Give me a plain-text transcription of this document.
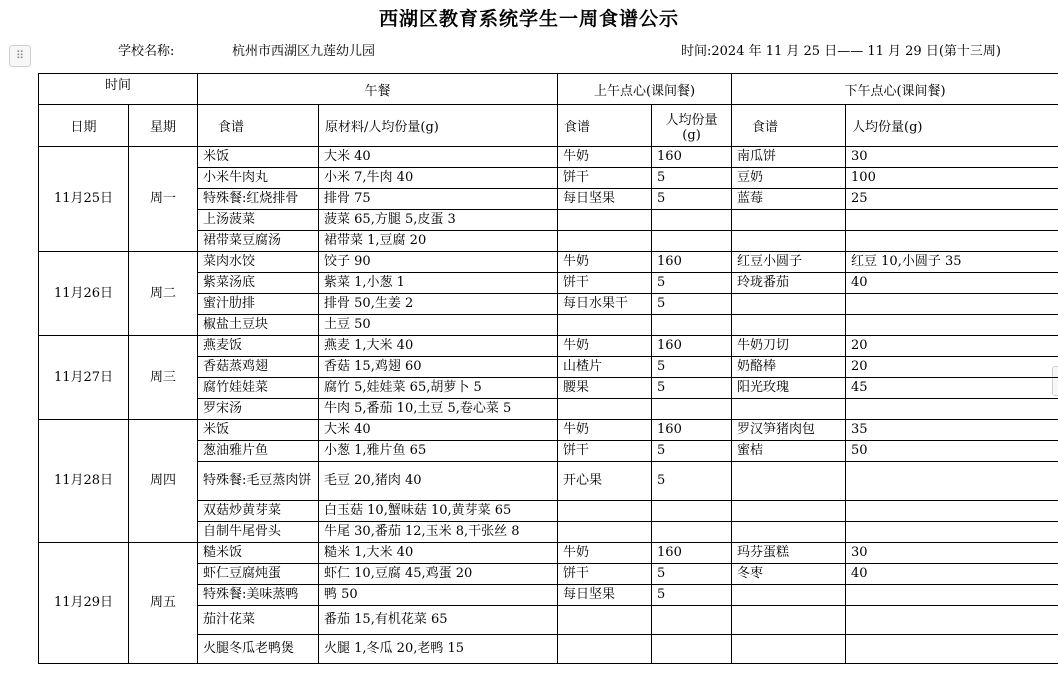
西湖区教育系统学生一周食谱公示
⠿	学校名称:	杭州市西湖区九莲幼儿园	时间:2024 年 11 月 25 日—— 11 月 29 日(第十三周)
时间		午餐		上午点心(课间餐)		下午点心(课间餐)	
日期	星期	食谱	原材料/人均份量(g)	食谱	人均份量(g)	食谱	人均份量(g)
11月25日	周一	米饭	大米 40	牛奶	160	南瓜饼	30
		小米牛肉丸	小米 7,牛肉 40	饼干	5	豆奶	100
		特殊餐:红烧排骨	排骨 75	每日坚果	5	蓝莓	25
		上汤菠菜	菠菜 65,方腿 5,皮蛋 3				
		裙带菜豆腐汤	裙带菜 1,豆腐 20				
11月26日	周二	菜肉水饺	饺子 90	牛奶	160	红豆小圆子	红豆 10,小圆子 35
		紫菜汤底	紫菜 1,小葱 1	饼干	5	玲珑番茄	40
		蜜汁肋排	排骨 50,生姜 2	每日水果干	5		
		椒盐土豆块	土豆 50				
11月27日	周三	燕麦饭	燕麦 1,大米 40	牛奶	160	牛奶刀切	20
		香菇蒸鸡翅	香菇 15,鸡翅 60	山楂片	5	奶酪棒	20
		腐竹娃娃菜	腐竹 5,娃娃菜 65,胡萝卜 5	腰果	5	阳光玫瑰	45
		罗宋汤	牛肉 5,番茄 10,土豆 5,卷心菜 5				
11月28日	周四	米饭	大米 40	牛奶	160	罗汉笋猪肉包	35
		葱油雅片鱼	小葱 1,雅片鱼 65	饼干	5	蜜桔	50
		特殊餐:毛豆蒸肉饼	毛豆 20,猪肉 40	开心果	5		
		双菇炒黄芽菜	白玉菇 10,蟹味菇 10,黄芽菜 65				
		自制牛尾骨头	牛尾 30,番茄 12,玉米 8,干张丝 8				
11月29日	周五	糙米饭	糙米 1,大米 40	牛奶	160	玛芬蛋糕	30
		虾仁豆腐炖蛋	虾仁 10,豆腐 45,鸡蛋 20	饼干	5	冬枣	40
		特殊餐:美味蒸鸭	鸭 50	每日坚果	5		
		茄汁花菜	番茄 15,有机花菜 65				
		火腿冬瓜老鸭煲	火腿 1,冬瓜 20,老鸭 15				
